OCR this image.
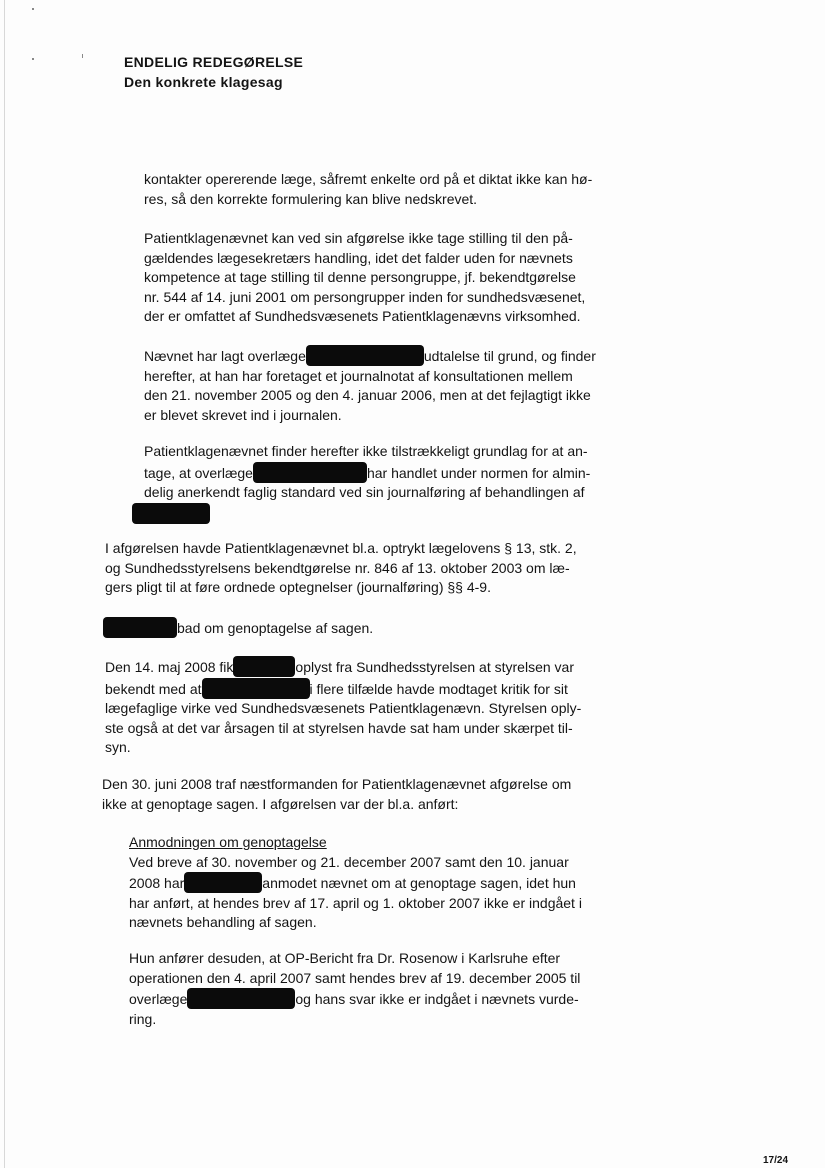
ENDELIG REDEGØRELSE
Den konkrete klagesag
kontakter opererende læge, såfremt enkelte ord på et diktat ikke kan hø-
res, så den korrekte formulering kan blive nedskrevet.
Patientklagenævnet kan ved sin afgørelse ikke tage stilling til den på-
gældendes lægesekretærs handling, idet det falder uden for nævnets
kompetence at tage stilling til denne persongruppe, jf. bekendtgørelse
nr. 544 af 14. juni 2001 om persongrupper inden for sundhedsvæsenet,
der er omfattet af Sundhedsvæsenets Patientklagenævns virksomhed.
Nævnet har lagt overlæge	udtalelse til grund, og finder
herefter, at han har foretaget et journalnotat af konsultationen mellem
den 21. november 2005 og den 4. januar 2006, men at det fejlagtigt ikke
er blevet skrevet ind i journalen.
Patientklagenævnet finder herefter ikke tilstrækkeligt grundlag for at an-
tage, at overlæge	har handlet under normen for almin-
delig anerkendt faglig standard ved sin journalføring af behandlingen af
I afgørelsen havde Patientklagenævnet bl.a. optrykt lægelovens § 13, stk. 2,
og Sundhedsstyrelsens bekendtgørelse nr. 846 af 13. oktober 2003 om læ-
gers pligt til at føre ordnede optegnelser (journalføring) §§ 4-9.
bad om genoptagelse af sagen.
Den 14. maj 2008 fik	oplyst fra Sundhedsstyrelsen at styrelsen var
bekendt med at	i flere tilfælde havde modtaget kritik for sit
lægefaglige virke ved Sundhedsvæsenets Patientklagenævn. Styrelsen oply-
ste også at det var årsagen til at styrelsen havde sat ham under skærpet til-
syn.
Den 30. juni 2008 traf næstformanden for Patientklagenævnet afgørelse om
ikke at genoptage sagen. I afgørelsen var der bl.a. anført:
Anmodningen om genoptagelse
Ved breve af 30. november og 21. december 2007 samt den 10. januar
2008 har	anmodet nævnet om at genoptage sagen, idet hun
har anført, at hendes brev af 17. april og 1. oktober 2007 ikke er indgået i
nævnets behandling af sagen.
Hun anfører desuden, at OP-Bericht fra Dr. Rosenow i Karlsruhe efter
operationen den 4. april 2007 samt hendes brev af 19. december 2005 til
overlæge	og hans svar ikke er indgået i nævnets vurde-
ring.
17/24
